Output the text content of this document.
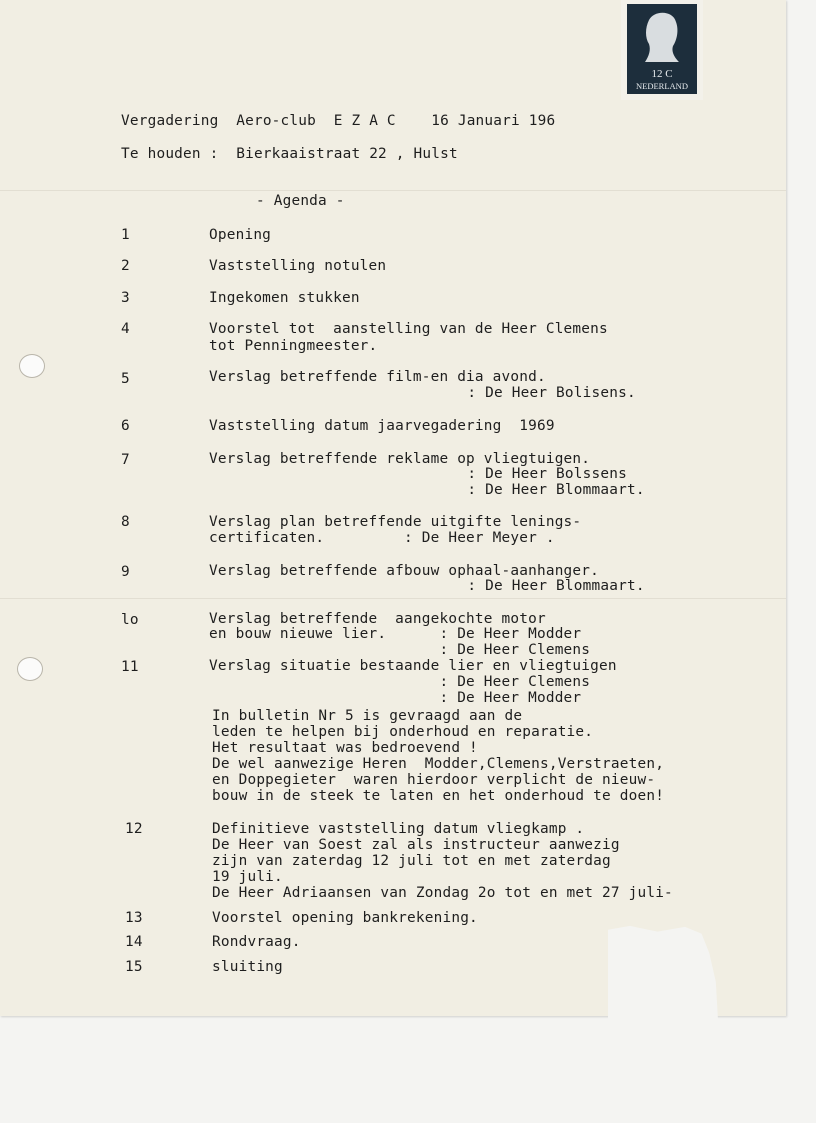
12 C
NEDERLAND

Vergadering  Aero-club  E Z A C    16 Januari 196

Te houden :  Bierkaaistraat 22 , Hulst

- Agenda -

1	Opening

2	Vaststelling notulen

3	Ingekomen stukken

4	Voorstel tot  aanstelling van de Heer Clemens

tot Penningmeester.

5	Verslag betreffende film-en dia avond.

: De Heer Bolisens.

6	Vaststelling datum jaarvegadering  1969

7	Verslag betreffende reklame op vliegtuigen.

: De Heer Bolssens

: De Heer Blommaart.

8	Verslag plan betreffende uitgifte lenings-

certificaten.         : De Heer Meyer .

9	Verslag betreffende afbouw ophaal-aanhanger.

: De Heer Blommaart.

lo	Verslag betreffende  aangekochte motor

en bouw nieuwe lier.      : De Heer Modder

: De Heer Clemens

11	Verslag situatie bestaande lier en vliegtuigen

: De Heer Clemens

: De Heer Modder

In bulletin Nr 5 is gevraagd aan de

leden te helpen bij onderhoud en reparatie.

Het resultaat was bedroevend !

De wel aanwezige Heren  Modder,Clemens,Verstraeten,

en Doppegieter  waren hierdoor verplicht de nieuw-

bouw in de steek te laten en het onderhoud te doen!

12	Definitieve vaststelling datum vliegkamp .

De Heer van Soest zal als instructeur aanwezig

zijn van zaterdag 12 juli tot en met zaterdag

19 juli.

De Heer Adriaansen van Zondag 2o tot en met 27 juli-

13	Voorstel opening bankrekening.

14	Rondvraag.

15	sluiting
